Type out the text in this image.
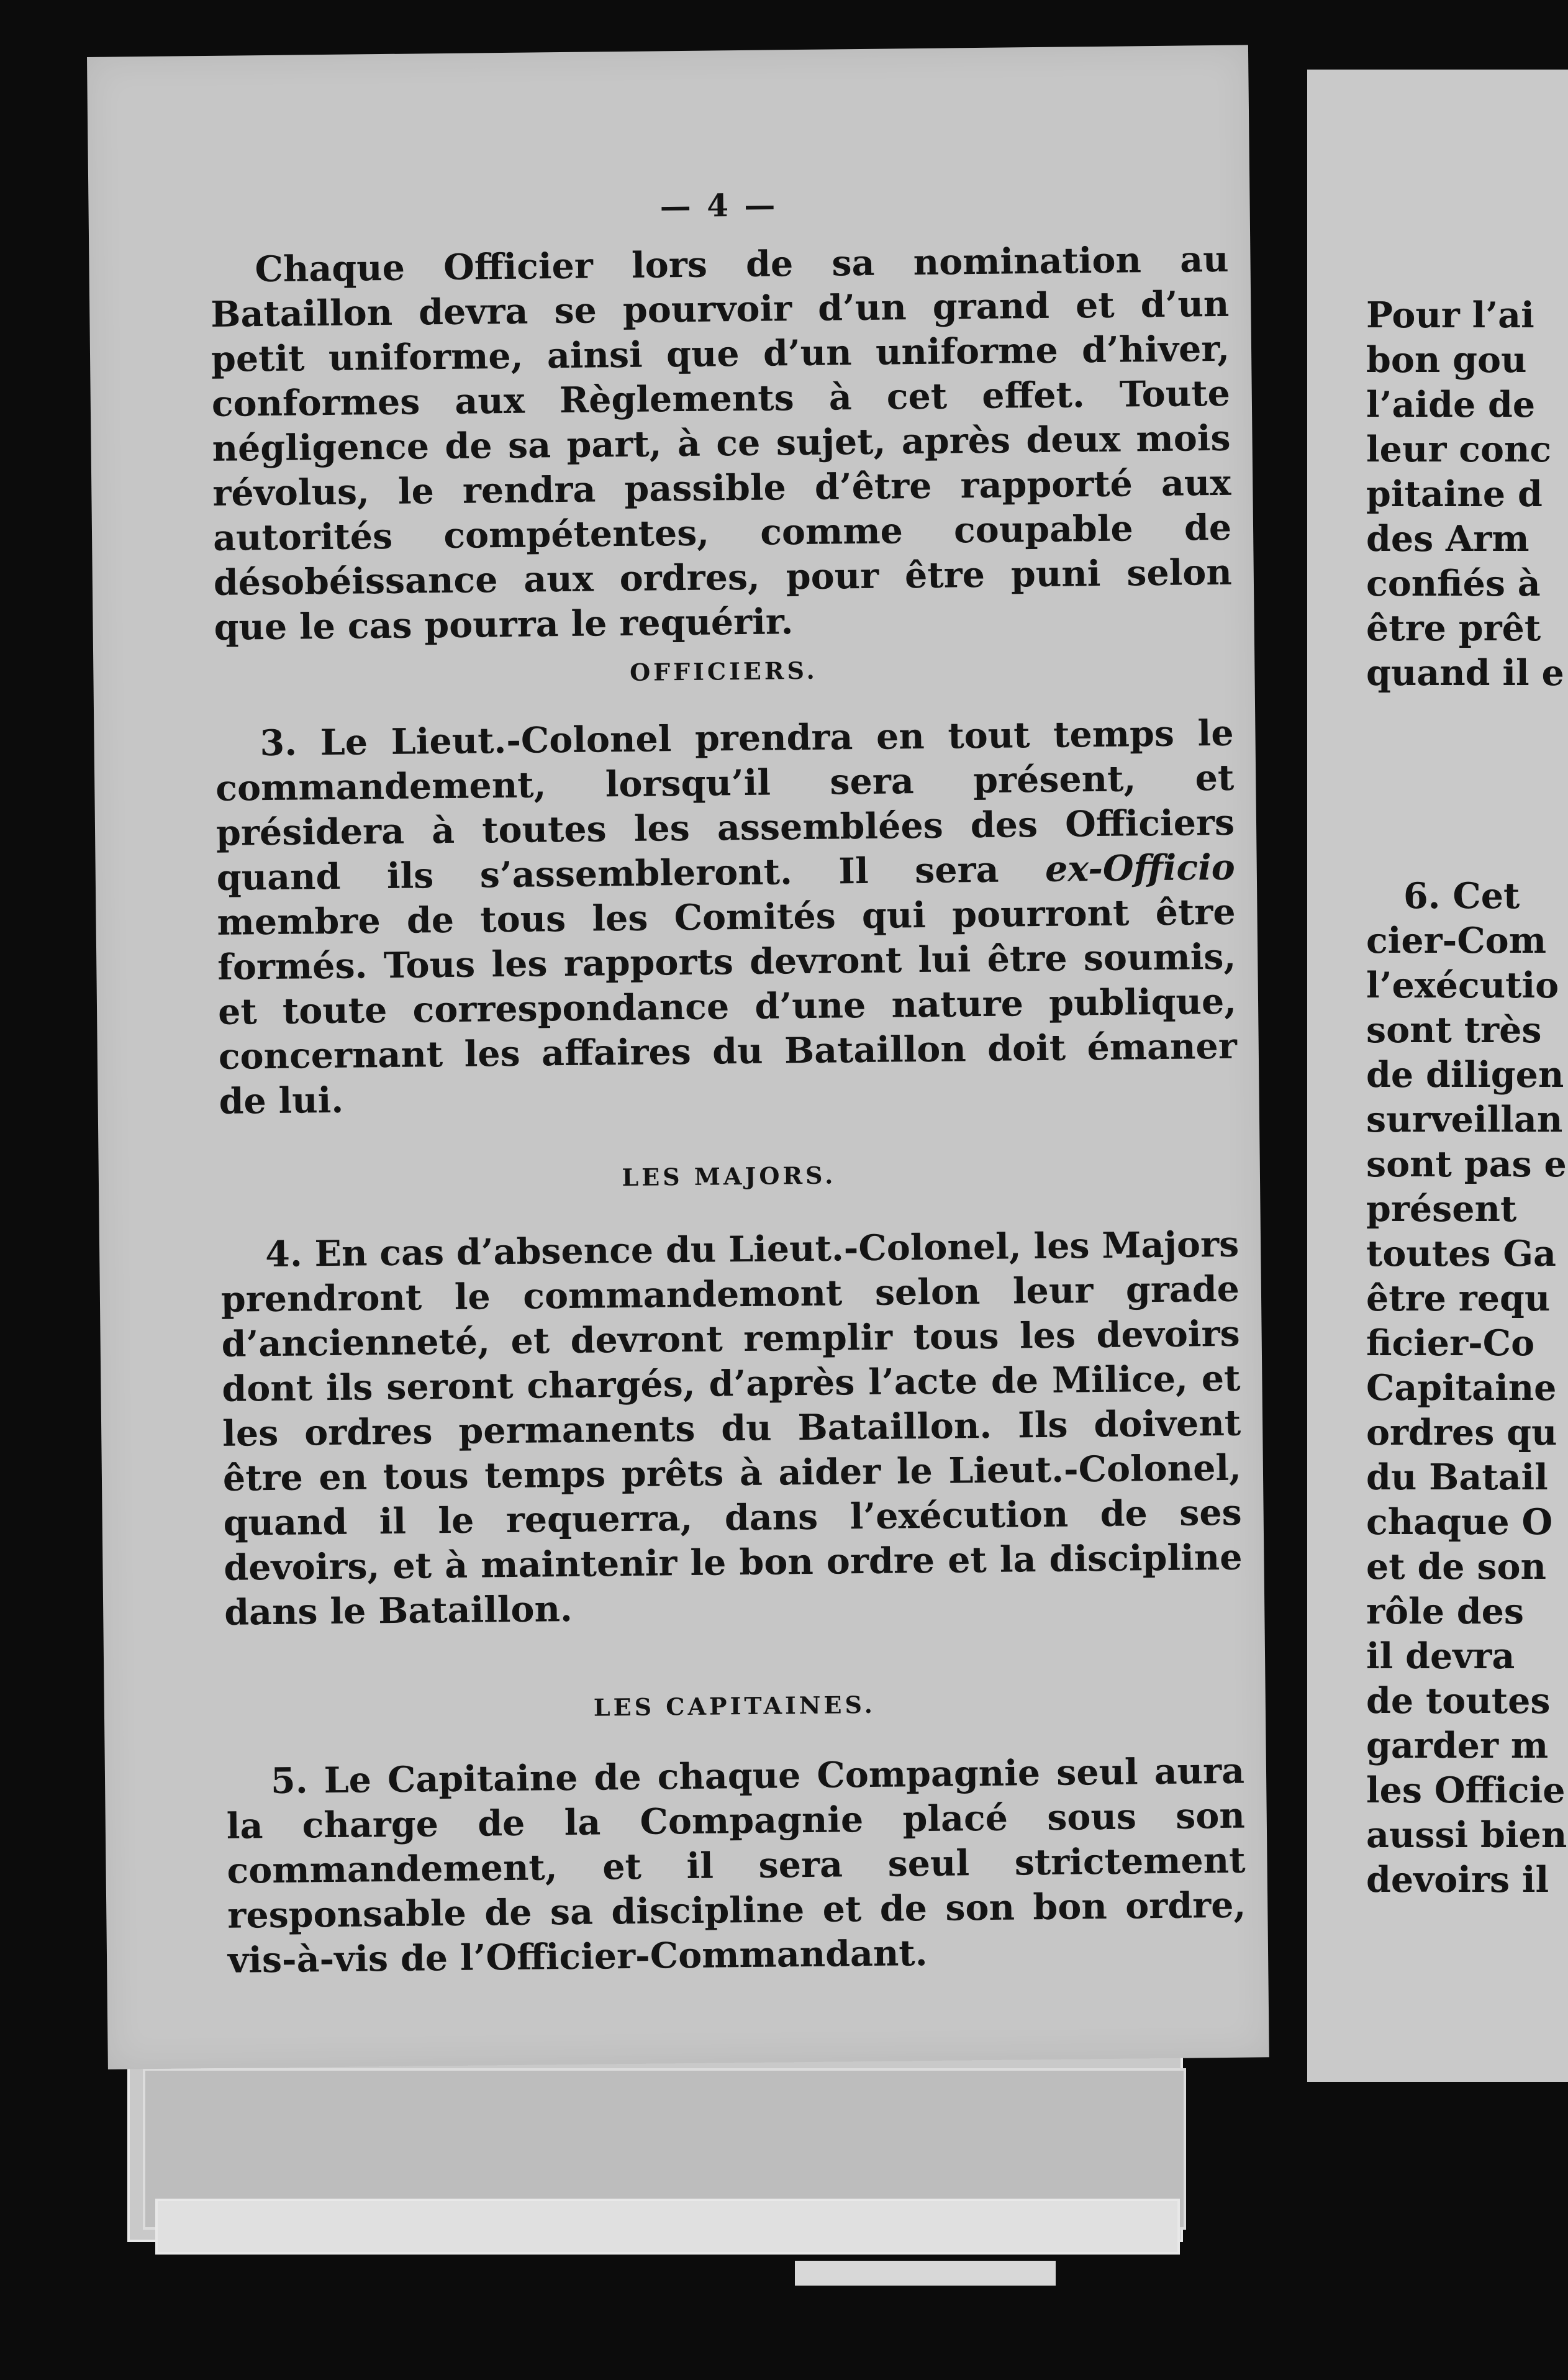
— 4 —

Chaque Officier lors de sa nomination au Bataillon devra se pourvoir d’un grand et d’un petit uniforme, ainsi que d’un uniforme d’hiver, conformes aux Règlements à cet effet. Toute négligence de sa part, à ce sujet, après deux mois révolus, le rendra passible d’être rapporté aux autorités compétentes, comme coupable de désobéissance aux ordres, pour être puni selon que le cas pourra le requérir.

OFFICIERS.

3. Le Lieut.-Colonel prendra en tout temps le commandement, lorsqu’il sera présent, et présidera à toutes les assemblées des Officiers quand ils s’assembleront. Il sera ex-Officio membre de tous les Comités qui pourront être formés. Tous les rapports devront lui être soumis, et toute correspondance d’une nature publique, concernant les affaires du Bataillon doit émaner de lui.

LES MAJORS.

4. En cas d’absence du Lieut.-Colonel, les Majors prendront le commandemont selon leur grade d’ancienneté, et devront remplir tous les devoirs dont ils seront chargés, d’après l’acte de Milice, et les ordres permanents du Bataillon. Ils doivent être en tous temps prêts à aider le Lieut.-Colonel, quand il le requerra, dans l’exécution de ses devoirs, et à maintenir le bon ordre et la discipline dans le Bataillon.

LES CAPITAINES.

5. Le Capitaine de chaque Compagnie seul aura la charge de la Compagnie placé sous son commandement, et il sera seul strictement responsable de sa discipline et de son bon ordre, vis-à-vis de l’Officier-Commandant.

Pour l’ai
bon gou
l’aide de
leur conc
pitaine d
des Arm
confiés à
être prêt
quand il e
6. Cet
cier-Com
l’exécutio
sont très
de diligen
surveillan
sont pas e
présent
toutes Ga
être requ
ficier-Co
Capitaine
ordres qu
du Batail
chaque O
et de son
rôle des
il devra
de toutes
garder m
les Officie
aussi bien
devoirs il
